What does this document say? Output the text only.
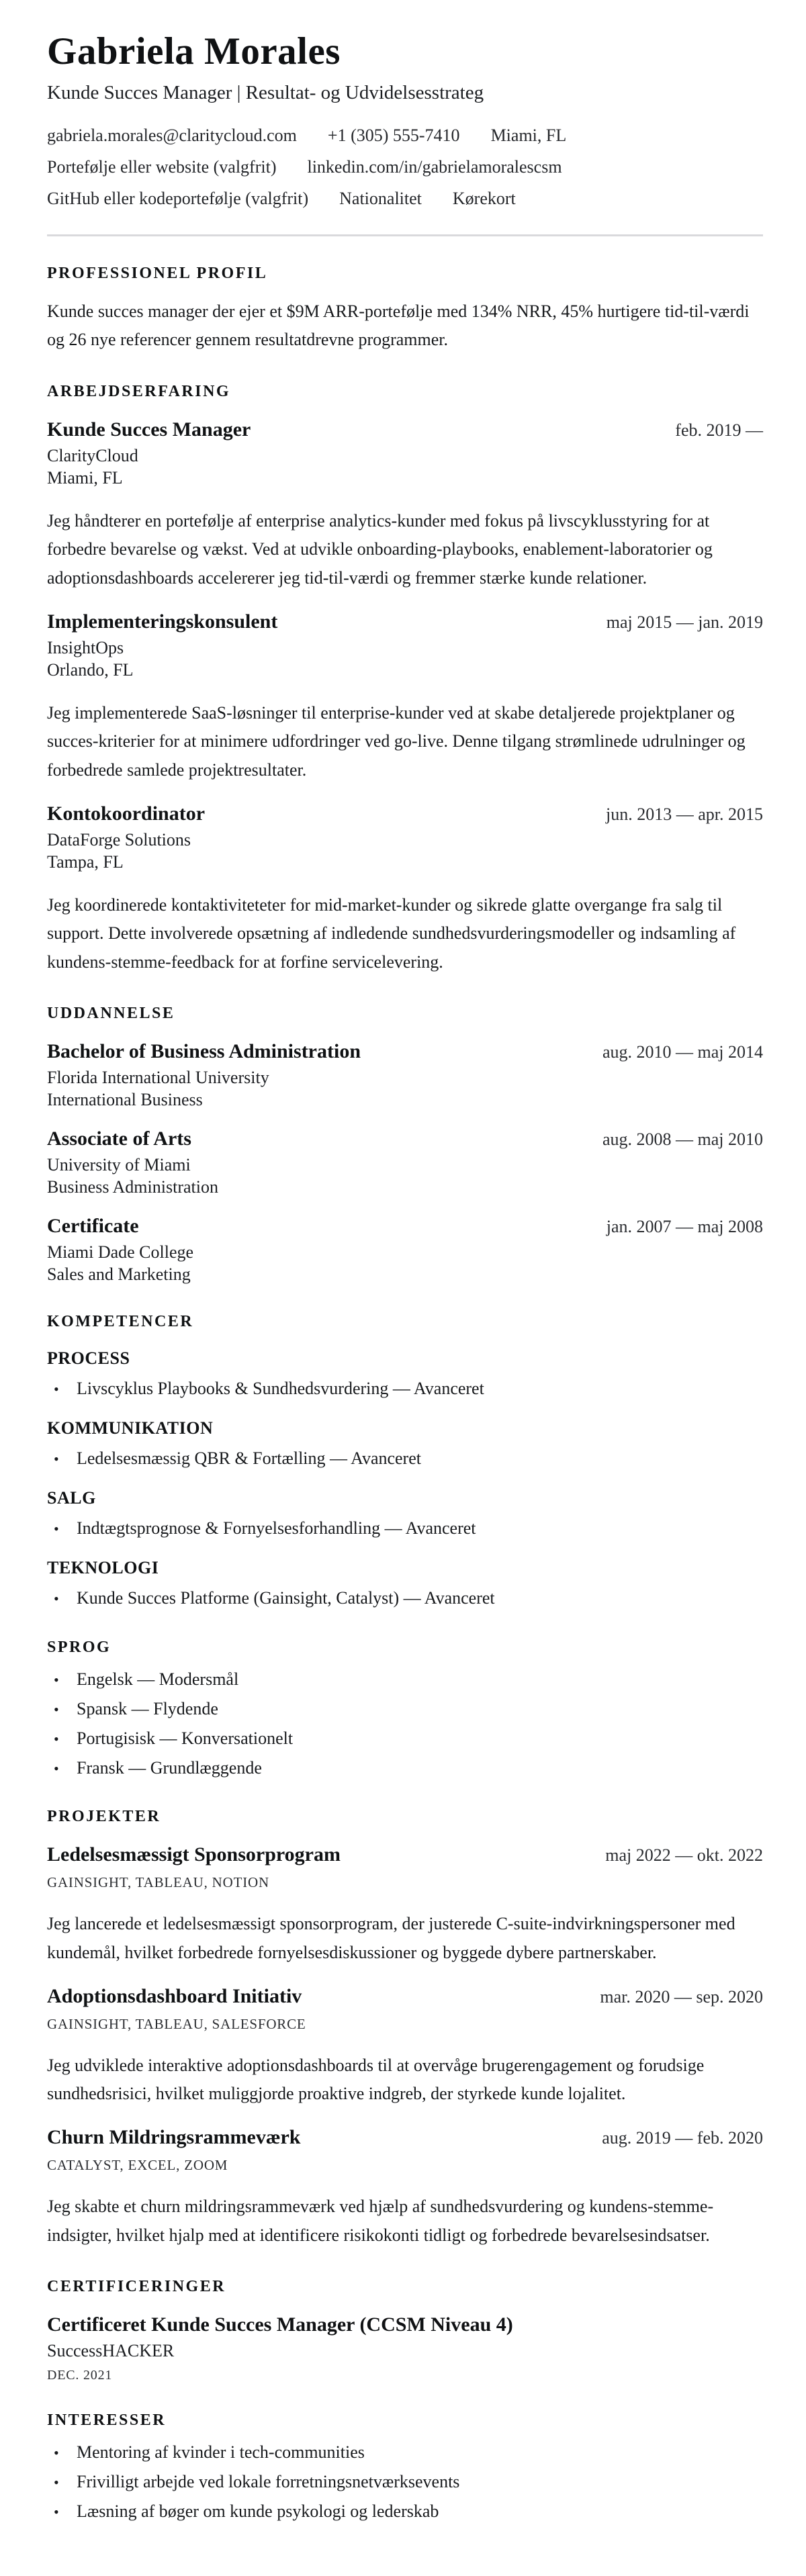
Gabriela Morales
Kunde Succes Manager | Resultat- og Udvidelsesstrateg
gabriela.morales@claritycloud.com +1 (305) 555-7410 Miami, FL
Portefølje eller website (valgfrit) linkedin.com/in/gabrielamoralescsm
GitHub eller kodeportefølje (valgfrit) Nationalitet Kørekort
PROFESSIONEL PROFIL

Kunde succes manager der ejer et $9M ARR-portefølje med 134% NRR, 45% hurtigere tid-til-værdi og 26 nye referencer gennem resultatdrevne programmer.

ARBEJDSERFARING
Kunde Succes Manager	feb. 2019 —
ClarityCloud
Miami, FL

Jeg håndterer en portefølje af enterprise analytics-kunder med fokus på livscyklusstyring for at forbedre bevarelse og vækst. Ved at udvikle onboarding-playbooks, enablement-laboratorier og adoptionsdashboards accelererer jeg tid-til-værdi og fremmer stærke kunde relationer.

Implementeringskonsulent	maj 2015 — jan. 2019
InsightOps
Orlando, FL

Jeg implementerede SaaS-løsninger til enterprise-kunder ved at skabe detaljerede projektplaner og succes-kriterier for at minimere udfordringer ved go-live. Denne tilgang strømlinede udrulninger og forbedrede samlede projektresultater.

Kontokoordinator	jun. 2013 — apr. 2015
DataForge Solutions
Tampa, FL

Jeg koordinerede kontaktiviteteter for mid-market-kunder og sikrede glatte overgange fra salg til support. Dette involverede opsætning af indledende sundhedsvurderingsmodeller og indsamling af kundens-stemme-feedback for at forfine servicelevering.

UDDANNELSE
Bachelor of Business Administration	aug. 2010 — maj 2014
Florida International University
International Business
Associate of Arts	aug. 2008 — maj 2010
University of Miami
Business Administration
Certificate	jan. 2007 — maj 2008
Miami Dade College
Sales and Marketing
KOMPETENCER
PROCESS
• Livscyklus Playbooks & Sundhedsvurdering — Avanceret
KOMMUNIKATION
• Ledelsesmæssig QBR & Fortælling — Avanceret
SALG
• Indtægtsprognose & Fornyelsesforhandling — Avanceret
TEKNOLOGI
• Kunde Succes Platforme (Gainsight, Catalyst) — Avanceret
SPROG
• Engelsk — Modersmål
• Spansk — Flydende
• Portugisisk — Konversationelt
• Fransk — Grundlæggende
PROJEKTER
Ledelsesmæssigt Sponsorprogram	maj 2022 — okt. 2022
GAINSIGHT, TABLEAU, NOTION

Jeg lancerede et ledelsesmæssigt sponsorprogram, der justerede C-suite-indvirkningspersoner med kundemål, hvilket forbedrede fornyelsesdiskussioner og byggede dybere partnerskaber.

Adoptionsdashboard Initiativ	mar. 2020 — sep. 2020
GAINSIGHT, TABLEAU, SALESFORCE

Jeg udviklede interaktive adoptionsdashboards til at overvåge brugerengagement og forudsige sundhedsrisici, hvilket muliggjorde proaktive indgreb, der styrkede kunde lojalitet.

Churn Mildringsrammeværk	aug. 2019 — feb. 2020
CATALYST, EXCEL, ZOOM

Jeg skabte et churn mildringsrammeværk ved hjælp af sundhedsvurdering og kundens-stemme-indsigter, hvilket hjalp med at identificere risikokonti tidligt og forbedrede bevarelsesindsatser.

CERTIFICERINGER
Certificeret Kunde Succes Manager (CCSM Niveau 4)
SuccessHACKER
DEC. 2021
INTERESSER
• Mentoring af kvinder i tech-communities
• Frivilligt arbejde ved lokale forretningsnetværksevents
• Læsning af bøger om kunde psykologi og lederskab
